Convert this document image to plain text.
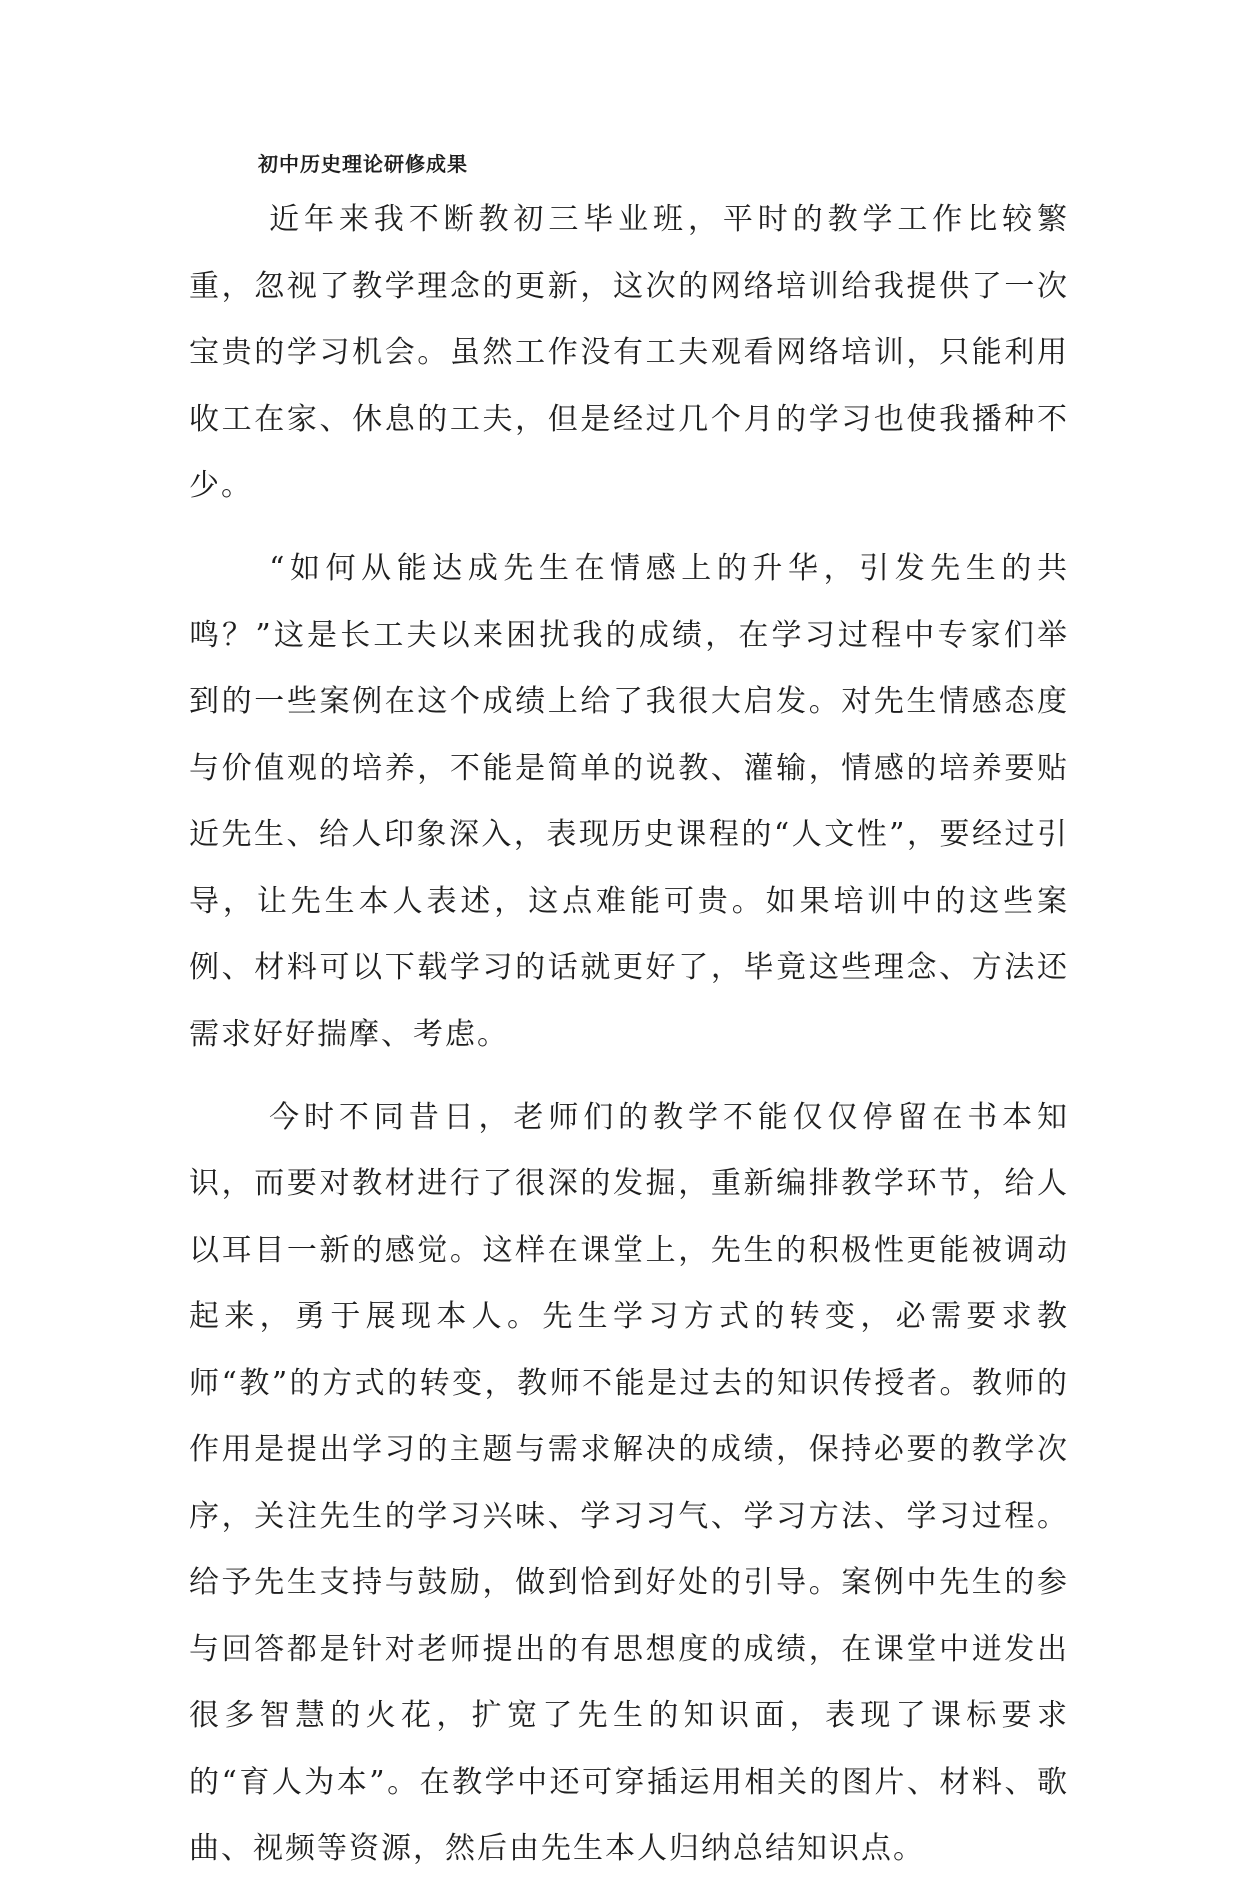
初中历史理论研修成果

近年来我不断教初三毕业班，平时的教学工作比较繁重，忽视了教学理念的更新，这次的网络培训给我提供了一次宝贵的学习机会。虽然工作没有工夫观看网络培训，只能利用收工在家、休息的工夫，但是经过几个月的学习也使我播种不少。

“如何从能达成先生在情感上的升华，引发先生的共鸣？”这是长工夫以来困扰我的成绩，在学习过程中专家们举到的一些案例在这个成绩上给了我很大启发。对先生情感态度与价值观的培养，不能是简单的说教、灌输，情感的培养要贴近先生、给人印象深入，表现历史课程的“人文性”，要经过引导，让先生本人表述，这点难能可贵。如果培训中的这些案例、材料可以下载学习的话就更好了，毕竟这些理念、方法还需求好好揣摩、考虑。

今时不同昔日，老师们的教学不能仅仅停留在书本知识，而要对教材进行了很深的发掘，重新编排教学环节，给人以耳目一新的感觉。这样在课堂上，先生的积极性更能被调动起来，勇于展现本人。先生学习方式的转变，必需要求教师“教”的方式的转变，教师不能是过去的知识传授者。教师的作用是提出学习的主题与需求解决的成绩，保持必要的教学次序，关注先生的学习兴味、学习习气、学习方法、学习过程。给予先生支持与鼓励，做到恰到好处的引导。案例中先生的参与回答都是针对老师提出的有思想度的成绩，在课堂中迸发出很多智慧的火花，扩宽了先生的知识面，表现了课标要求的“育人为本”。在教学中还可穿插运用相关的图片、材料、歌曲、视频等资源，然后由先生本人归纳总结知识点。
